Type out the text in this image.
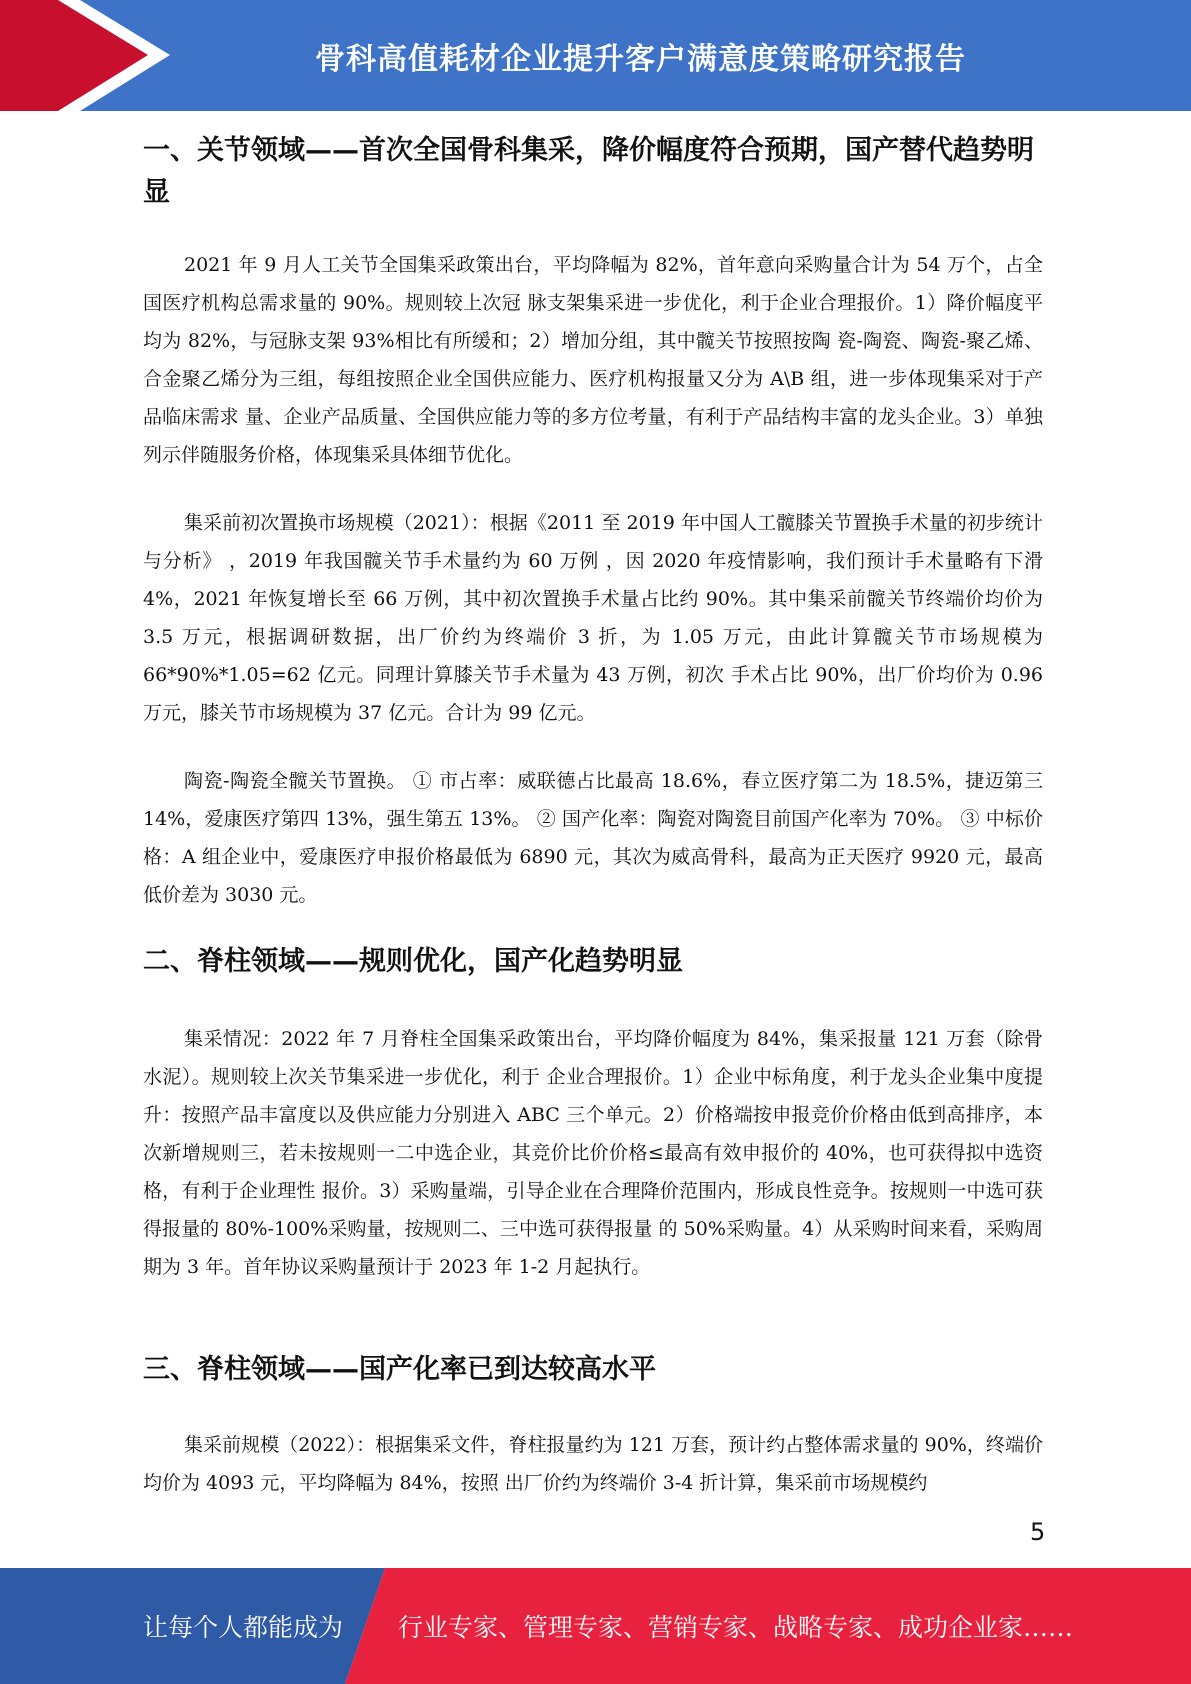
骨科高值耗材企业提升客户满意度策略研究报告
一、关节领域——首次全国骨科集采，降价幅度符合预期，国产替代趋势明显

2021 年 9 月人工关节全国集采政策出台，平均降幅为 82%，首年意向采购量合计为 54 万个，占全国医疗机构总需求量的 90%。规则较上次冠 脉支架集采进一步优化，利于企业合理报价。1）降价幅度平均为 82%，与冠脉支架 93%相比有所缓和；2）增加分组，其中髋关节按照按陶 瓷-陶瓷、陶瓷-聚乙烯、合金聚乙烯分为三组，每组按照企业全国供应能力、医疗机构报量又分为 A\B 组，进一步体现集采对于产品临床需求 量、企业产品质量、全国供应能力等的多方位考量，有利于产品结构丰富的龙头企业。3）单独列示伴随服务价格，体现集采具体细节优化。

集采前初次置换市场规模（2021）：根据《2011 至 2019 年中国人工髋膝关节置换手术量的初步统计与分析》 ，2019 年我国髋关节手术量约为 60 万例 ，因 2020 年疫情影响，我们预计手术量略有下滑 4%，2021 年恢复增长至 66 万例，其中初次置换手术量占比约 90%。其中集采前髋关节终端价均价为 3.5 万元，根据调研数据，出厂价约为终端价 3 折，为 1.05 万元，由此计算髋关节市场规模为 66*90%*1.05=62 亿元。同理计算膝关节手术量为 43 万例，初次 手术占比 90%，出厂价均价为 0.96 万元，膝关节市场规模为 37 亿元。合计为 99 亿元。

陶瓷-陶瓷全髋关节置换。 ① 市占率：威联德占比最高 18.6%，春立医疗第二为 18.5%，捷迈第三 14%，爱康医疗第四 13%，强生第五 13%。 ② 国产化率：陶瓷对陶瓷目前国产化率为 70%。 ③ 中标价格：A 组企业中，爱康医疗申报价格最低为 6890 元，其次为威高骨科，最高为正天医疗 9920 元，最高低价差为 3030 元。

二、脊柱领域——规则优化，国产化趋势明显

集采情况：2022 年 7 月脊柱全国集采政策出台，平均降价幅度为 84%，集采报量 121 万套（除骨水泥）。规则较上次关节集采进一步优化，利于 企业合理报价。1）企业中标角度，利于龙头企业集中度提升：按照产品丰富度以及供应能力分别进入 ABC 三个单元。2）价格端按申报竞价价格由低到高排序，本次新增规则三，若未按规则一二中选企业，其竞价比价价格≤最高有效申报价的 40%，也可获得拟中选资格，有利于企业理性 报价。3）采购量端，引导企业在合理降价范围内，形成良性竞争。按规则一中选可获得报量的 80%-100%采购量，按规则二、三中选可获得报量 的 50%采购量。4）从采购时间来看，采购周期为 3 年。首年协议采购量预计于 2023 年 1-2 月起执行。

三、脊柱领域——国产化率已到达较高水平

集采前规模（2022）：根据集采文件，脊柱报量约为 121 万套，预计约占整体需求量的 90%，终端价均价为 4093 元，平均降幅为 84%，按照 出厂价约为终端价 3-4 折计算，集采前市场规模约

5
让每个人都能成为 行业专家、管理专家、营销专家、战略专家、成功企业家……
